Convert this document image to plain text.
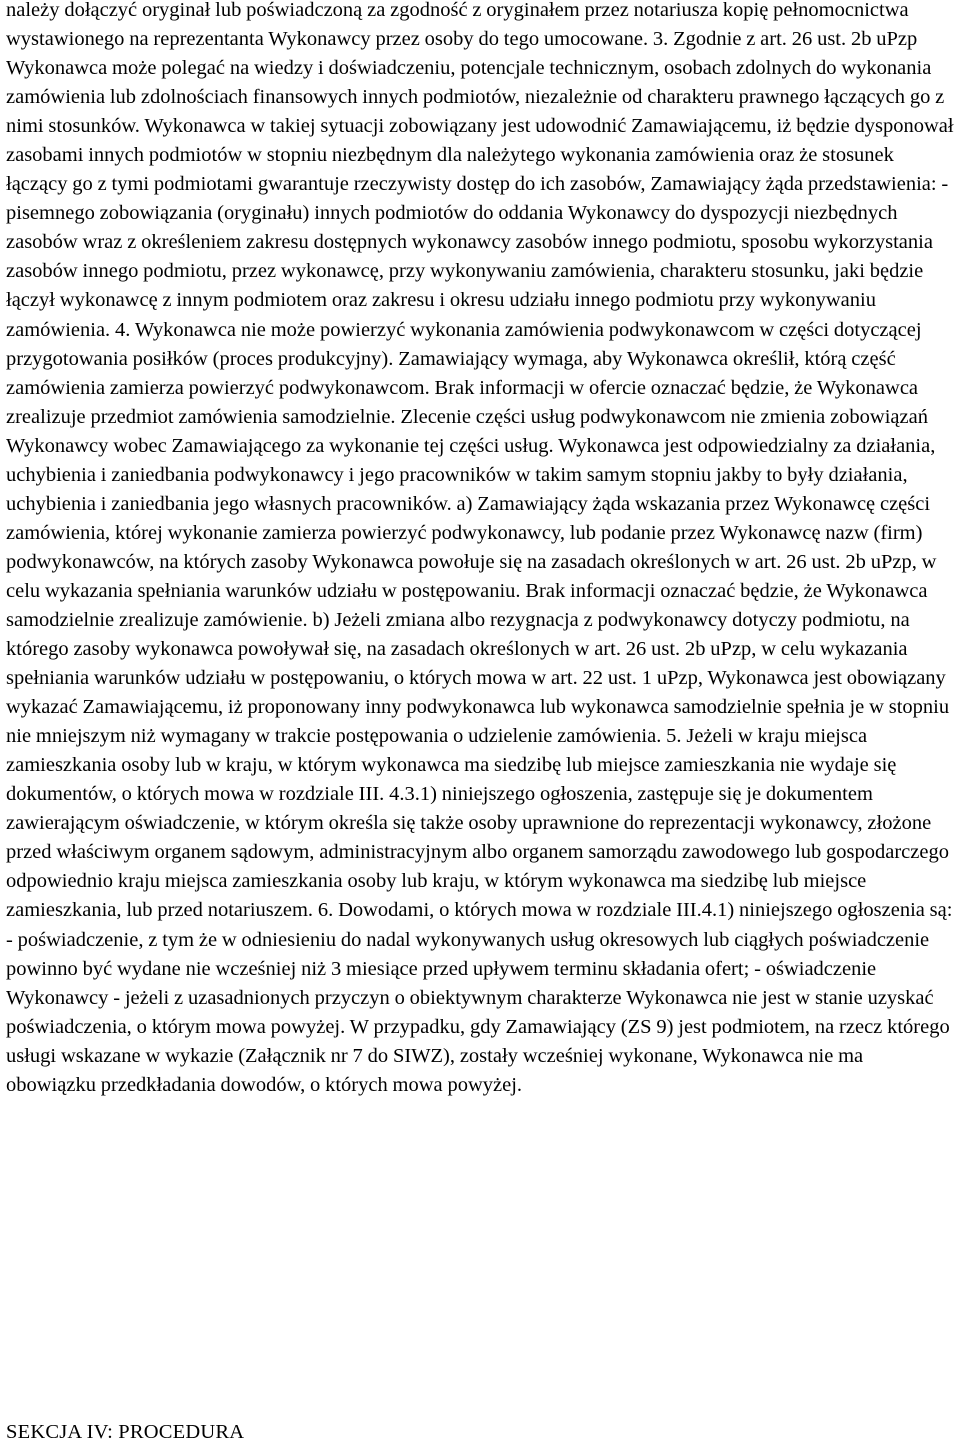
należy dołączyć oryginał lub poświadczoną za zgodność z oryginałem przez notariusza kopię pełnomocnictwa wystawionego na reprezentanta Wykonawcy przez osoby do tego umocowane. 3. Zgodnie z art. 26 ust. 2b uPzp Wykonawca może polegać na wiedzy i doświadczeniu, potencjale technicznym, osobach zdolnych do wykonania zamówienia lub zdolnościach finansowych innych podmiotów, niezależnie od charakteru prawnego łączących go z nimi stosunków. Wykonawca w takiej sytuacji zobowiązany jest udowodnić Zamawiającemu, iż będzie dysponował zasobami innych podmiotów w stopniu niezbędnym dla należytego wykonania zamówienia oraz że stosunek łączący go z tymi podmiotami gwarantuje rzeczywisty dostęp do ich zasobów, Zamawiający żąda przedstawienia: - pisemnego zobowiązania (oryginału) innych podmiotów do oddania Wykonawcy do dyspozycji niezbędnych zasobów wraz z określeniem zakresu dostępnych wykonawcy zasobów innego podmiotu, sposobu wykorzystania zasobów innego podmiotu, przez wykonawcę, przy wykonywaniu zamówienia, charakteru stosunku, jaki będzie łączył wykonawcę z innym podmiotem oraz zakresu i okresu udziału innego podmiotu przy wykonywaniu zamówienia. 4. Wykonawca nie może powierzyć wykonania zamówienia podwykonawcom w części dotyczącej przygotowania posiłków (proces produkcyjny). Zamawiający wymaga, aby Wykonawca określił, którą część zamówienia zamierza powierzyć podwykonawcom. Brak informacji w ofercie oznaczać będzie, że Wykonawca zrealizuje przedmiot zamówienia samodzielnie. Zlecenie części usług podwykonawcom nie zmienia zobowiązań Wykonawcy wobec Zamawiającego za wykonanie tej części usług. Wykonawca jest odpowiedzialny za działania, uchybienia i zaniedbania podwykonawcy i jego pracowników w takim samym stopniu jakby to były działania, uchybienia i zaniedbania jego własnych pracowników. a) Zamawiający żąda wskazania przez Wykonawcę części zamówienia, której wykonanie zamierza powierzyć podwykonawcy, lub podanie przez Wykonawcę nazw (firm) podwykonawców, na których zasoby Wykonawca powołuje się na zasadach określonych w art. 26 ust. 2b uPzp, w celu wykazania spełniania warunków udziału w postępowaniu. Brak informacji oznaczać będzie, że Wykonawca samodzielnie zrealizuje zamówienie. b) Jeżeli zmiana albo rezygnacja z podwykonawcy dotyczy podmiotu, na którego zasoby wykonawca powoływał się, na zasadach określonych w art. 26 ust. 2b uPzp, w celu wykazania spełniania warunków udziału w postępowaniu, o których mowa w art. 22 ust. 1 uPzp, Wykonawca jest obowiązany wykazać Zamawiającemu, iż proponowany inny podwykonawca lub wykonawca samodzielnie spełnia je w stopniu nie mniejszym niż wymagany w trakcie postępowania o udzielenie zamówienia. 5. Jeżeli w kraju miejsca zamieszkania osoby lub w kraju, w którym wykonawca ma siedzibę lub miejsce zamieszkania nie wydaje się dokumentów, o których mowa w rozdziale III. 4.3.1) niniejszego ogłoszenia, zastępuje się je dokumentem zawierającym oświadczenie, w którym określa się także osoby uprawnione do reprezentacji wykonawcy, złożone przed właściwym organem sądowym, administracyjnym albo organem samorządu zawodowego lub gospodarczego odpowiednio kraju miejsca zamieszkania osoby lub kraju, w którym wykonawca ma siedzibę lub miejsce zamieszkania, lub przed notariuszem. 6. Dowodami, o których mowa w rozdziale III.4.1) niniejszego ogłoszenia są: - poświadczenie, z tym że w odniesieniu do nadal wykonywanych usług okresowych lub ciągłych poświadczenie powinno być wydane nie wcześniej niż 3 miesiące przed upływem terminu składania ofert; - oświadczenie Wykonawcy - jeżeli z uzasadnionych przyczyn o obiektywnym charakterze Wykonawca nie jest w stanie uzyskać poświadczenia, o którym mowa powyżej. W przypadku, gdy Zamawiający (ZS 9) jest podmiotem, na rzecz którego usługi wskazane w wykazie (Załącznik nr 7 do SIWZ), zostały wcześniej wykonane, Wykonawca nie ma obowiązku przedkładania dowodów, o których mowa powyżej.

SEKCJA IV: PROCEDURA
